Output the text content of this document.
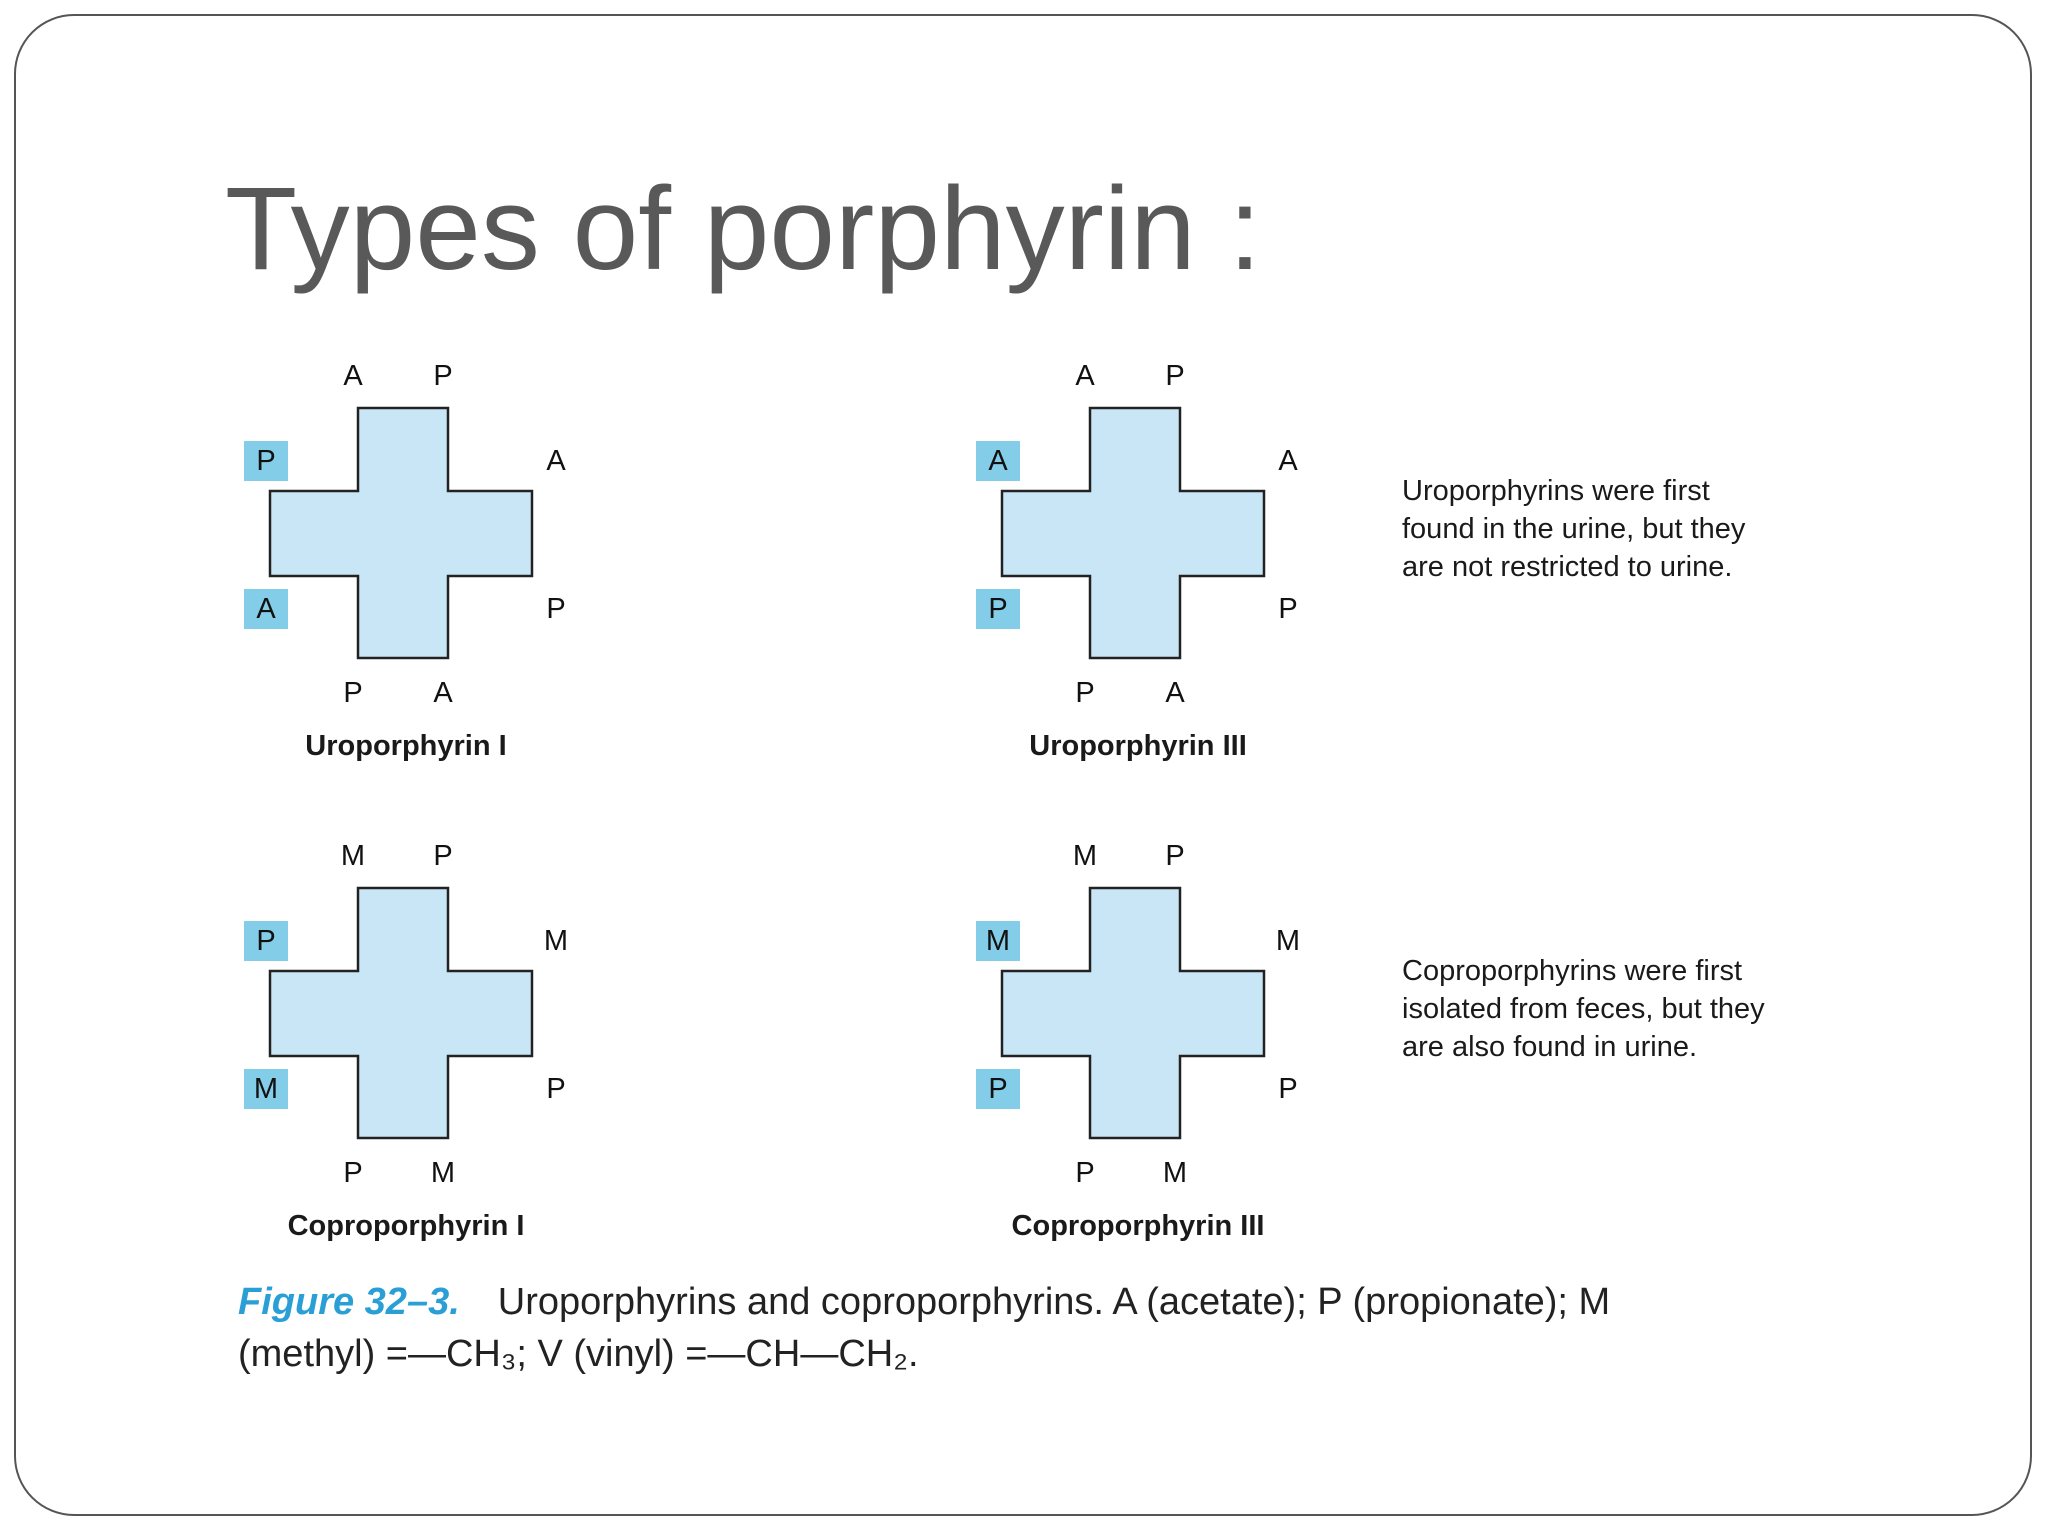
Types of porphyrin :
A	P
A
P
P	A
P
A
Uroporphyrin I
A	P
A
P
P	A
A
P
Uroporphyrin III
Uroporphyrins were first
found in the urine, but they
are not restricted to urine.
M	P
M
P
P	M
P
M
Coproporphyrin I
M	P
M
P
P	M
M
P
Coproporphyrin III
Coproporphyrins were first
isolated from feces, but they
are also found in urine.
Figure 32–3. Uroporphyrins and coproporphyrins. A (acetate); P (propionate); M
(methyl) =—CH₃; V (vinyl) =—CH—CH₂.
